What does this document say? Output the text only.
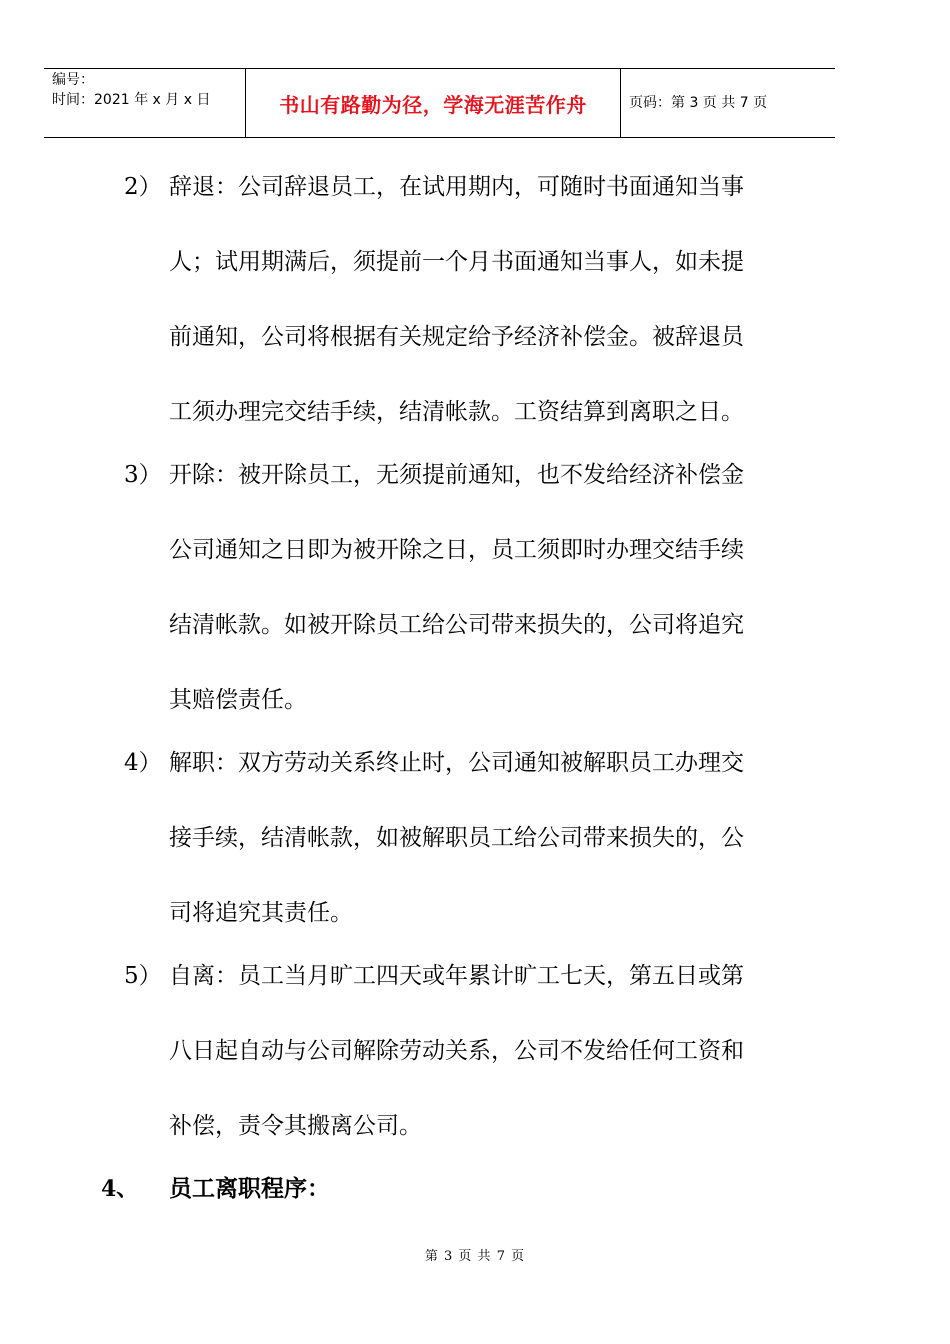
编号：
时间：2021 年 x 月 x 日	书山有路勤为径，学海无涯苦作舟	页码：第 3 页 共 7 页
2） 辞退：公司辞退员工，在试用期内，可随时书面通知当事
人；试用期满后，须提前一个月书面通知当事人，如未提
前通知，公司将根据有关规定给予经济补偿金。被辞退员
工须办理完交结手续，结清帐款。工资结算到离职之日。
3） 开除：被开除员工，无须提前通知，也不发给经济补偿金
公司通知之日即为被开除之日，员工须即时办理交结手续
结清帐款。如被开除员工给公司带来损失的，公司将追究
其赔偿责任。
4） 解职：双方劳动关系终止时，公司通知被解职员工办理交
接手续，结清帐款，如被解职员工给公司带来损失的，公
司将追究其责任。
5） 自离：员工当月旷工四天或年累计旷工七天，第五日或第
八日起自动与公司解除劳动关系，公司不发给任何工资和
补偿，责令其搬离公司。
4、 员工离职程序：
第 3 页 共 7 页
